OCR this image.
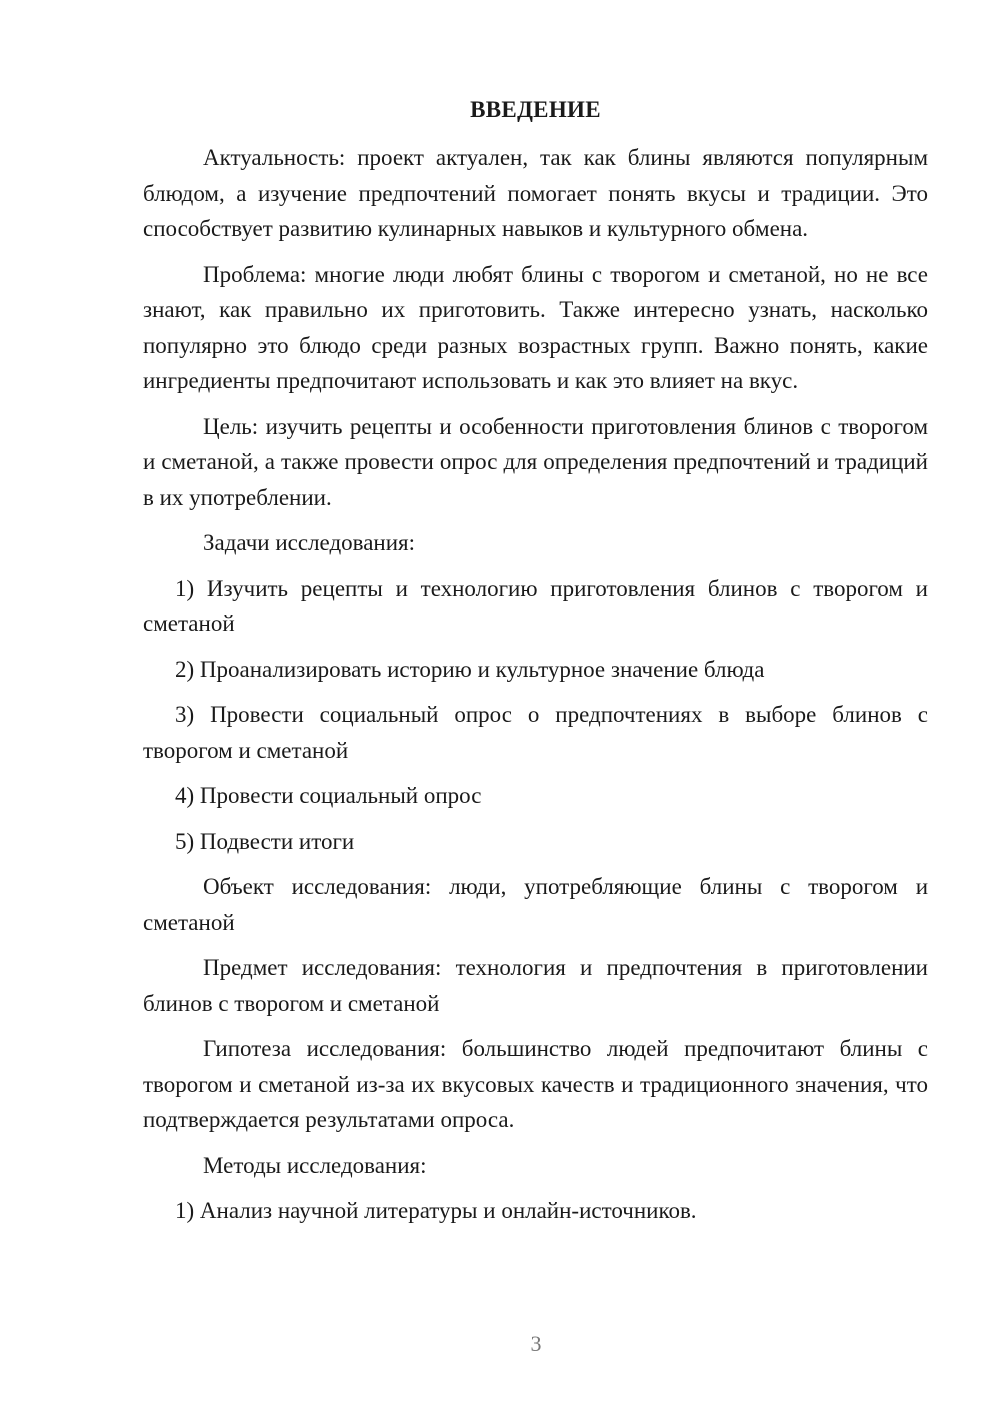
ВВЕДЕНИЕ

Актуальность: проект актуален, так как блины являются популярным блюдом, а изучение предпочтений помогает понять вкусы и традиции. Это способствует развитию кулинарных навыков и культурного обмена.

Проблема: многие люди любят блины с творогом и сметаной, но не все знают, как правильно их приготовить. Также интересно узнать, насколько популярно это блюдо среди разных возрастных групп. Важно понять, какие ингредиенты предпочитают использовать и как это влияет на вкус.

Цель: изучить рецепты и особенности приготовления блинов с творогом и сметаной, а также провести опрос для определения предпочтений и традиций в их употреблении.

Задачи исследования:

1) Изучить рецепты и технологию приготовления блинов с творогом и сметаной

2) Проанализировать историю и культурное значение блюда

3) Провести социальный опрос о предпочтениях в выборе блинов с творогом и сметаной

4) Провести социальный опрос

5) Подвести итоги

Объект исследования: люди, употребляющие блины с творогом и сметаной

Предмет исследования: технология и предпочтения в приготовлении блинов с творогом и сметаной

Гипотеза исследования: большинство людей предпочитают блины с творогом и сметаной из-за их вкусовых качеств и традиционного значения, что подтверждается результатами опроса.

Методы исследования:

1) Анализ научной литературы и онлайн-источников.

3
